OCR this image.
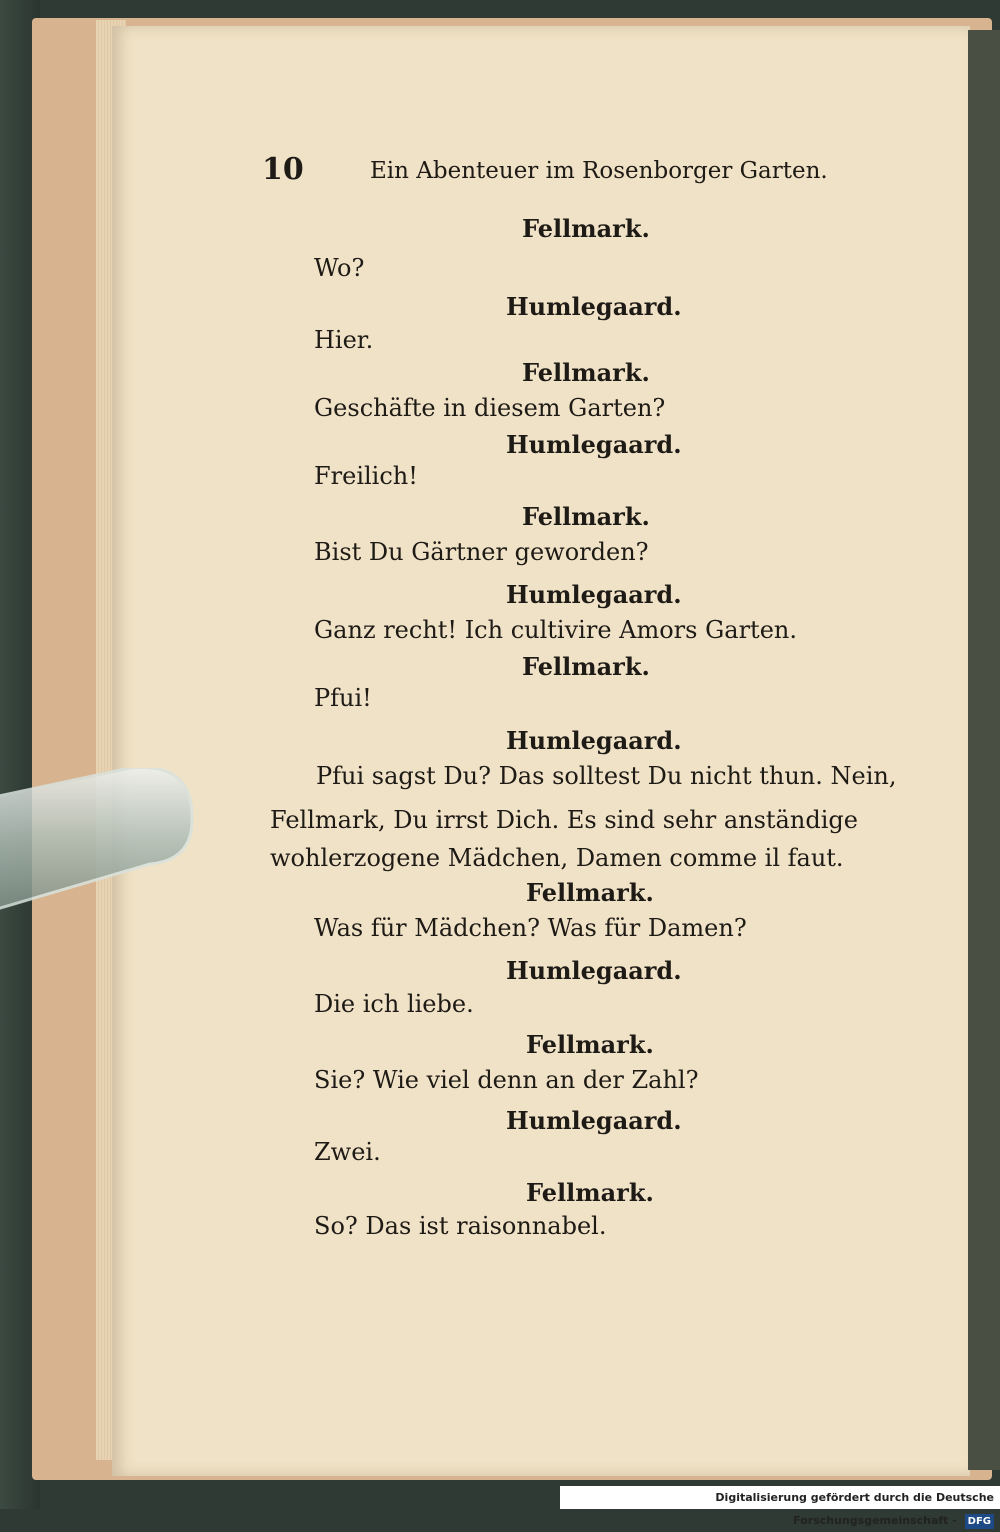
10	Ein Abenteuer im Rosenborger Garten.
Fellmark.
Wo?
Humlegaard.
Hier.
Fellmark.
Geschäfte in diesem Garten?
Humlegaard.
Freilich!
Fellmark.
Bist Du Gärtner geworden?
Humlegaard.
Ganz recht! Ich cultivire Amors Garten.
Fellmark.
Pfui!
Humlegaard.
Pfui sagst Du? Das solltest Du nicht thun. Nein,
Fellmark, Du irrst Dich. Es sind sehr anständige
wohlerzogene Mädchen, Damen comme il faut.
Fellmark.
Was für Mädchen? Was für Damen?
Humlegaard.
Die ich liebe.
Fellmark.
Sie? Wie viel denn an der Zahl?
Humlegaard.
Zwei.
Fellmark.
So? Das ist raisonnabel.
Digitalisierung gefördert durch die Deutsche Forschungsgemeinschaft - DFG
